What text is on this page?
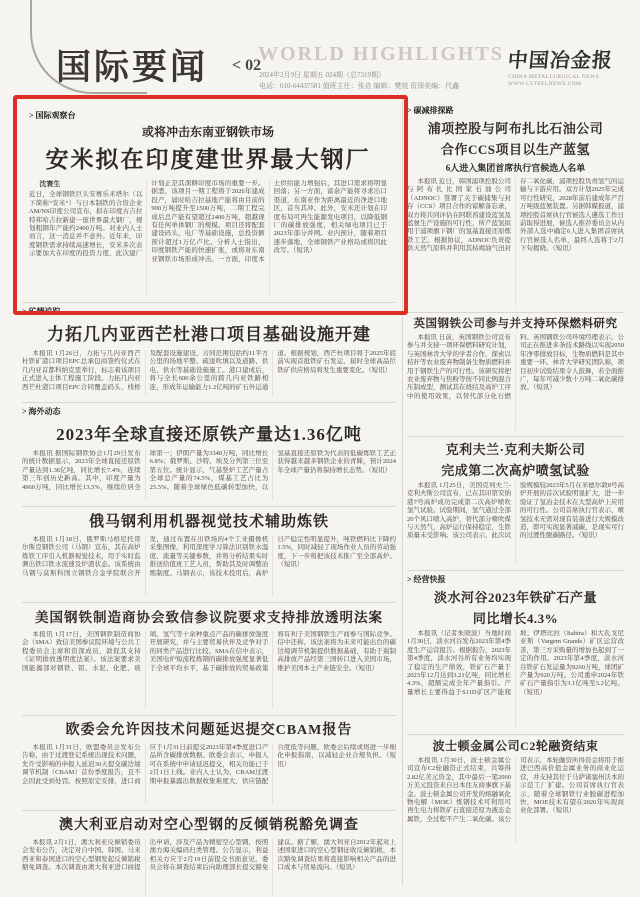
国际要闻 < 02
WORLD HIGHLIGHTS
2024年2月9日 星期五 024期（总7319期）
电话：010-64437581 值班主任：张垚 编辑：樊悦 资深美编：代鑫
中国冶金报
CHINA METALLURGICAL NEWS
WWW.CSTEELNEWS.COM
> 国际观察台
或将冲击东南亚钢铁市场
安米拟在印度建世界最大钢厂
沈寰生
近日，全球钢铁巨头安赛乐米塔尔（以下简称“安米”）与日本制铁的合资企业AM/NS印度公司宣布，拟在印度古吉拉特邦哈吉拉新建一座世界最大钢厂，规划粗钢年产能约2400万吨。对业内人士而言，这一消息并不意外。近年来，印度钢铁需求持续高速增长，安米多次表示要加大在印度的投资力度，此次建厂计划正是其深耕印度市场的重要一步。据悉，该项目一期工程将于2026年建成投产，届时哈吉拉基地产能将由目前的900万吨提升至1500万吨，二期工程完成后总产能有望超过2400万吨，超越现有任何单体钢厂的规模。项目还将配套建设码头、电厂等基础设施，总投资额预计超过1万亿卢比。分析人士指出，印度钢铁产能的快速扩张，或将对东南亚钢铁市场形成冲击。一方面，印度本土供给能力增强后，其进口需求将明显回落；另一方面，富余产能将寻求出口渠道，东南亚作为距离最近的净进口地区，首当其冲。此外，安米还计划在印度布局可再生能源发电项目，以降低钢厂的碳排放强度，相关绿电项目已于2023年部分并网。业内预计，随着项目逐步落地，全球钢铁产业格局或将因此改写。（短讯）
> 矿情追踪
力拓几内亚西芒杜港口项目基础设施开建
本报讯 1月26日，力拓与几内亚西芒杜铁矿港口项目EPC总承包商签约仪式在几内亚首都科纳克里举行，标志着该项目正式进入主体工程施工阶段。力拓几内亚西芒杜港口项目EPC合同覆盖码头、栈桥及配套设施建设，合同范围包括约11平方公里的场地平整、疏浚吹填以及道路、供电、供水等基础设施施工。港口建成后，将与全长600余公里的跨几内亚铁路相连，形成年运输能力1.2亿吨的矿石外运通道。根据规划，西芒杜项目将于2025年底前实现首批铁矿石发运，届时全球高品位铁矿供应格局将发生重要变化。（短讯）
> 海外动态
2023年全球直接还原铁产量达1.36亿吨
本报讯 据国际钢铁协会1月29日发布的统计数据显示，2023年全球直接还原铁产量达到1.36亿吨，同比增长7.4%，连续第三年创历史新高。其中，印度产量为4960万吨，同比增长13.5%，继续位居全球第一；伊朗产量为3340万吨，同比增长6.8%；俄罗斯、沙特、埃及分列第三位至第五位。统计显示，气基竖炉工艺产量占全球总产量的74.5%，煤基工艺占比为25.5%。随着全球绿色低碳转型加快，以氢基直接还原铁为代表的低碳炼铁工艺正获得越来越多钢铁企业的青睐，预计2024年全球产量仍将保持增长态势。（短讯）
俄马钢利用机器视觉技术辅助炼铁
本报讯 1月18日，俄罗斯马格尼托哥尔斯克钢铁公司（马钢）宣布，其在高炉炼铁工序引入机器视觉技术，用于实时监测出铁口铁水流速及炉渣状态。该系统由马钢与莫斯科国立钢铁合金学院联合开发，通过布置在出铁场的4个工业摄像机采集图像，利用深度学习算法识别铁水温度、流量等关键参数，并将分析结果实时推送给值班工艺人员，帮助其及时调整冶炼制度。马钢表示，该技术投用后，高炉日产稳定性明显提升，吨铁燃料比下降约1.5%，同时减轻了现场作业人员的劳动强度，下一步将把该技术推广至全部高炉。（短讯）
美国钢铁制造商协会致信参议院要求支持排放透明法案
本报讯 1月17日，美国钢铁制造商协会（SMA）致信美国参议院环境与公共工程委员会主席和资深成员，敦促其支持《证明排放透明度法案》。该法案要求美国能源部对钢铁、铝、水泥、化肥、玻璃、氢气等十余种重点产品的碳排放强度开展研究，并与主要贸易伙伴及竞争对手的同类产品进行比较。SMA在信中表示，美国电炉短流程炼钢的碳排放强度显著低于全球平均水平，基于碳排放的贸易政策将有利于美国钢铁生产商参与国际竞争。信中还称，该法案将为未来可能出台的碳边境调节机制提供数据基础，有助于遏制高排放产品经第三国转口进入美国市场，维护美国本土产业链安全。（短讯）
欧委会允许因技术问题延迟提交CBAM报告
本报讯 1月31日，欧盟委员会发布公告称，由于过渡登记系统出现技术问题，允许受影响的申报人延迟30天提交碳边境调节机制（CBAM）首份季度报告，且不会因此受到处罚。按照原定安排，进口商应于1月31日前提交2023年第4季度进口产品所含碳排放数据。欧委会表示，申报人可在系统中申请延迟提交，相关功能已于2月1日上线。业内人士认为，CBAM过渡期申报暴露出数据收集难度大、供应链配合度低等问题，欧委会后续或将进一步细化申报指南，以减轻企业合规负担。（短讯）
澳大利亚启动对空心型钢的反倾销税豁免调查
本报讯 2月1日，澳大利亚反倾销委员会发布公告，决定对自中国、韩国、马来西亚和泰国进口的空心型钢发起反倾销税豁免调查。本次调查由澳大利亚进口商提出申请，涉及产品为精密空心型钢，按照澳方海关编码归类管理。公告显示，利益相关方应于2月19日前提交书面意见，委员会将在调查结束后向助理部长提交豁免建议。据了解，澳大利亚自2012年起对上述国家进口的空心型钢征收反倾销税，本次豁免调查结果将直接影响相关产品的进口成本与贸易流向。（短讯）
> 碳减排探路
浦项控股与阿布扎比石油公司
合作CCS项目以生产蓝氢
6人进入集团首席执行官候选人名单
本报讯 近日，韩国浦项控股公司与阿布扎比国家石油公司（ADNOC）签署了关于碳捕集与封存（CCS）项目合作的谅解备忘录，双方将共同评估在阿联酋建设蓝氢及蓝氨生产设施的可行性，所产蓝氢拟用于浦项旗下钢厂的氢基直接还原炼铁工艺。根据协议，ADNOC负责提供天然气原料并利用其枯竭油气田封存二氧化碳，浦项控股负责氢气的运输与下游应用。双方计划2025年完成可行性研究，2028年前后建成年产百万吨级蓝氨装置。另据韩媒报道，浦项控股首席执行官候选人遴选工作日前取得进展，候选人推荐委员会从内外部人选中确定6人进入集团首席执行官候选人名单，最终人选将于2月下旬揭晓。（短讯）
英国钢铁公司参与并支持环保燃料研究
本报讯 日前，英国钢铁公司宣布参与并支持一项环保燃料研究计划，与英国林肯大学的学者合作，探索以秸秆等农业废弃物制备生物质燃料并用于钢铁生产的可行性。该研究将把农业废弃物与焦粉等按不同比例混合压制成型，测试其在烧结及高炉工序中的使用效果，以替代部分化石燃料。英国钢铁公司环境经理表示，公司正在推进多条技术路线以实现2050年净零排放目标，生物质燃料是其中重要一环。林肯大学研究团队称，项目初步试验结果令人鼓舞，若全面推广，每年可减少数十万吨二氧化碳排放。（短讯）
克利夫兰·克利夫斯公司
完成第二次高炉喷氢试验
本报讯 1月25日，美国克利夫兰-克利夫斯公司宣布，已在其印第安纳港7号高炉成功完成第二次高炉喷吹氢气试验。试验期间，氢气通过全部20个风口喷入高炉，替代部分喷吹煤与天然气，高炉运行保持稳定，生铁质量未受影响。该公司表示，此次试验规模较2023年5月在米德尔敦8号高炉开展的首次试验明显扩大，进一步验证了氢冶金技术在大型高炉上应用的可行性。公司首席执行官表示，喷氢技术无需对现有装备进行大规模改造，即可实现显著减碳，是现实可行的过渡性脱碳路径。（短讯）
> 经营快报
淡水河谷2023年铁矿石产量
同比增长4.3%
本报讯（记者朱晓波）当地时间1月30日，淡水河谷发布2023年第4季度生产运营报告。根据报告，2023年第4季度，淡水河谷所有业务均实现了稳定的生产绩效，铁矿石产量于2023年12月达到3.21亿吨，同比增长4.3%，超额完成全年产量指引。产量增长主要得益于S11D矿区产能爬坡、伊塔比拉（Itabira）和大孔戈尼亚斯（Vargem Grande）矿区运营改善，第三方采购量的增加也起到了一定的作用。2023年第4季度，淡水河谷铁矿石发运量为9260万吨，球团矿产量为920万吨。公司重申2024年铁矿石产量指引为3.1亿吨至3.2亿吨。（短讯）
波士顿金属公司C2轮融资结束
本报讯 1月30日，波士顿金属公司宣布C2轮融资正式结束，共筹得2.82亿美元资金，其中最后一笔2000万美元投资来自日本住友商事旗下基金。波士顿金属公司开发的熔融氧化物电解（MOE）炼钢技术可利用可再生电力将铁矿石直接还原为液态金属铁，全过程不产生二氧化碳。该公司表示，本轮融资所得资金将用于推进巴西高价值金属业务的商业化运营，并支持其位于马萨诸塞州沃本的示范工厂扩建。公司首席执行官表示，随着全球钢铁行业脱碳进程加快，MOE技术有望在2026年实现商业化部署。（短讯）
